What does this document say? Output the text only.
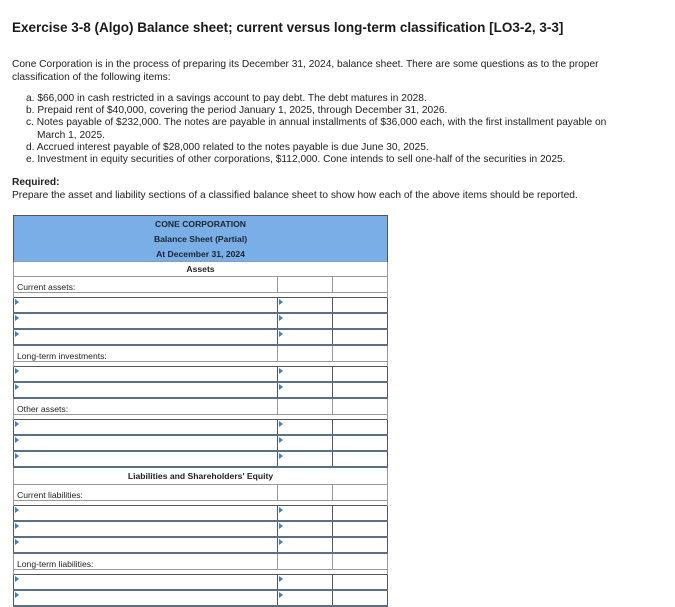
Exercise 3-8 (Algo) Balance sheet; current versus long-term classification [LO3-2, 3-3]
Cone Corporation is in the process of preparing its December 31, 2024, balance sheet. There are some questions as to the proper classification of the following items:
a. $66,000 in cash restricted in a savings account to pay debt. The debt matures in 2028.
b. Prepaid rent of $40,000, covering the period January 1, 2025, through December 31, 2026.
c. Notes payable of $232,000. The notes are payable in annual installments of $36,000 each, with the first installment payable on
March 1, 2025.
d. Accrued interest payable of $28,000 related to the notes payable is due June 30, 2025.
e. Investment in equity securities of other corporations, $112,000. Cone intends to sell one-half of the securities in 2025.
Required:
Prepare the asset and liability sections of a classified balance sheet to show how each of the above items should be reported.
CONE CORPORATION		
Balance Sheet (Partial)		
At December 31, 2024		
Assets		
Current assets:		

Long-term investments:		

Other assets:		

Liabilities and Shareholders' Equity		
Current liabilities:		

Long-term liabilities:		
